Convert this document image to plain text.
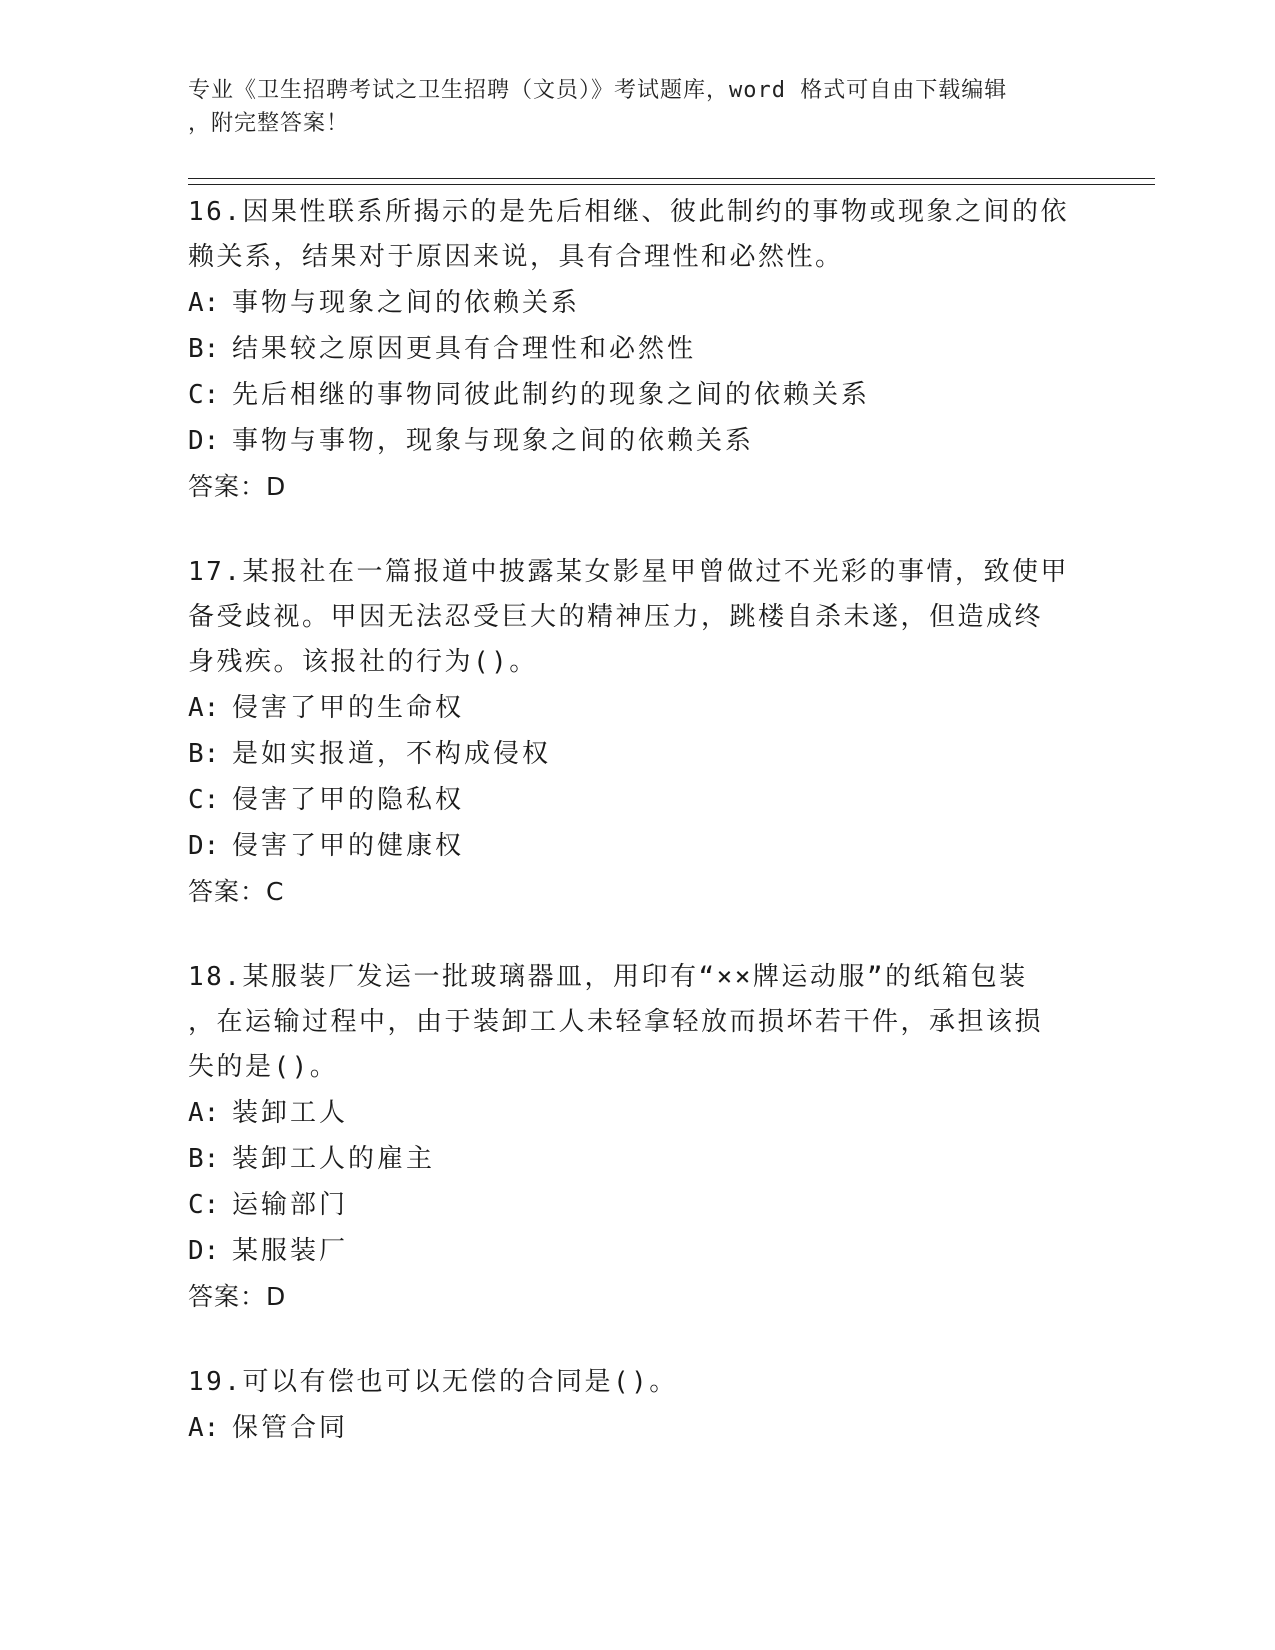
专业《卫生招聘考试之卫生招聘（文员）》考试题库，word 格式可自由下载编辑
，附完整答案！
16.因果性联系所揭示的是先后相继、彼此制约的事物或现象之间的依
赖关系，结果对于原因来说，具有合理性和必然性。
A: 事物与现象之间的依赖关系
B: 结果较之原因更具有合理性和必然性
C: 先后相继的事物同彼此制约的现象之间的依赖关系
D: 事物与事物，现象与现象之间的依赖关系
答案：D
17.某报社在一篇报道中披露某女影星甲曾做过不光彩的事情，致使甲
备受歧视。甲因无法忍受巨大的精神压力，跳楼自杀未遂，但造成终
身残疾。该报社的行为()。
A: 侵害了甲的生命权
B: 是如实报道，不构成侵权
C: 侵害了甲的隐私权
D: 侵害了甲的健康权
答案：C
18.某服装厂发运一批玻璃器皿，用印有“××牌运动服”的纸箱包装
，在运输过程中，由于装卸工人未轻拿轻放而损坏若干件，承担该损
失的是()。
A: 装卸工人
B: 装卸工人的雇主
C: 运输部门
D: 某服装厂
答案：D
19.可以有偿也可以无偿的合同是()。
A: 保管合同
